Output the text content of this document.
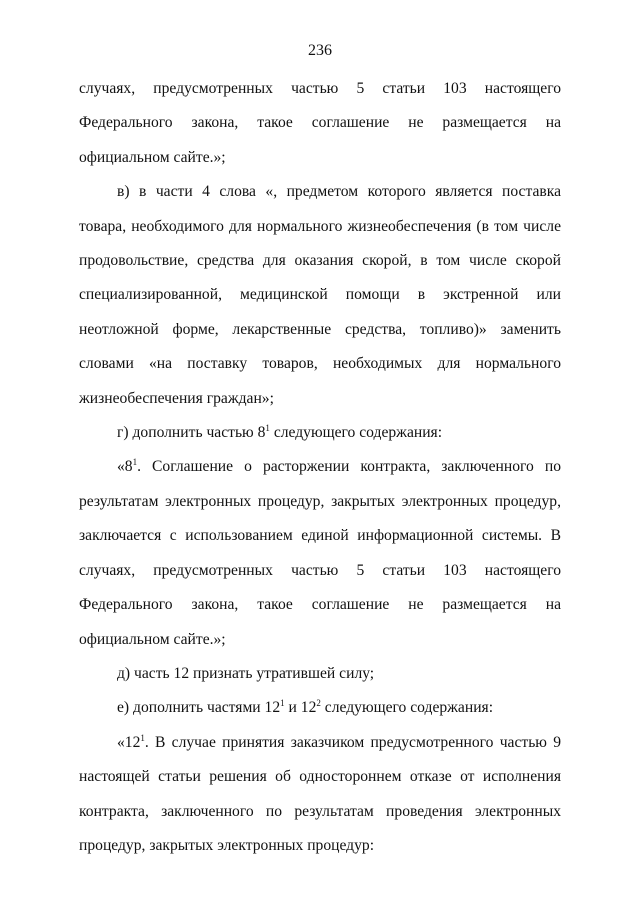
236

случаях, предусмотренных частью 5 статьи 103 настоящего Федерального закона, такое соглашение не размещается на официальном сайте.»;

в) в части 4 слова «, предметом которого является поставка товара, необходимого для нормального жизнеобеспечения (в том числе продовольствие, средства для оказания скорой, в том числе скорой специализированной, медицинской помощи в экстренной или неотложной форме, лекарственные средства, топливо)» заменить словами «на поставку товаров, необходимых для нормального жизнеобеспечения граждан»;

г) дополнить частью $8^1$ следующего содержания:

«$8^1$. Соглашение о расторжении контракта, заключенного по результатам электронных процедур, закрытых электронных процедур, заключается с использованием единой информационной системы. В случаях, предусмотренных частью 5 статьи 103 настоящего Федерального закона, такое соглашение не размещается на официальном сайте.»;

д) часть 12 признать утратившей силу;

е) дополнить частями $12^1$ и $12^2$ следующего содержания:

«$12^1$. В случае принятия заказчиком предусмотренного частью 9 настоящей статьи решения об одностороннем отказе от исполнения контракта, заключенного по результатам проведения электронных процедур, закрытых электронных процедур:
